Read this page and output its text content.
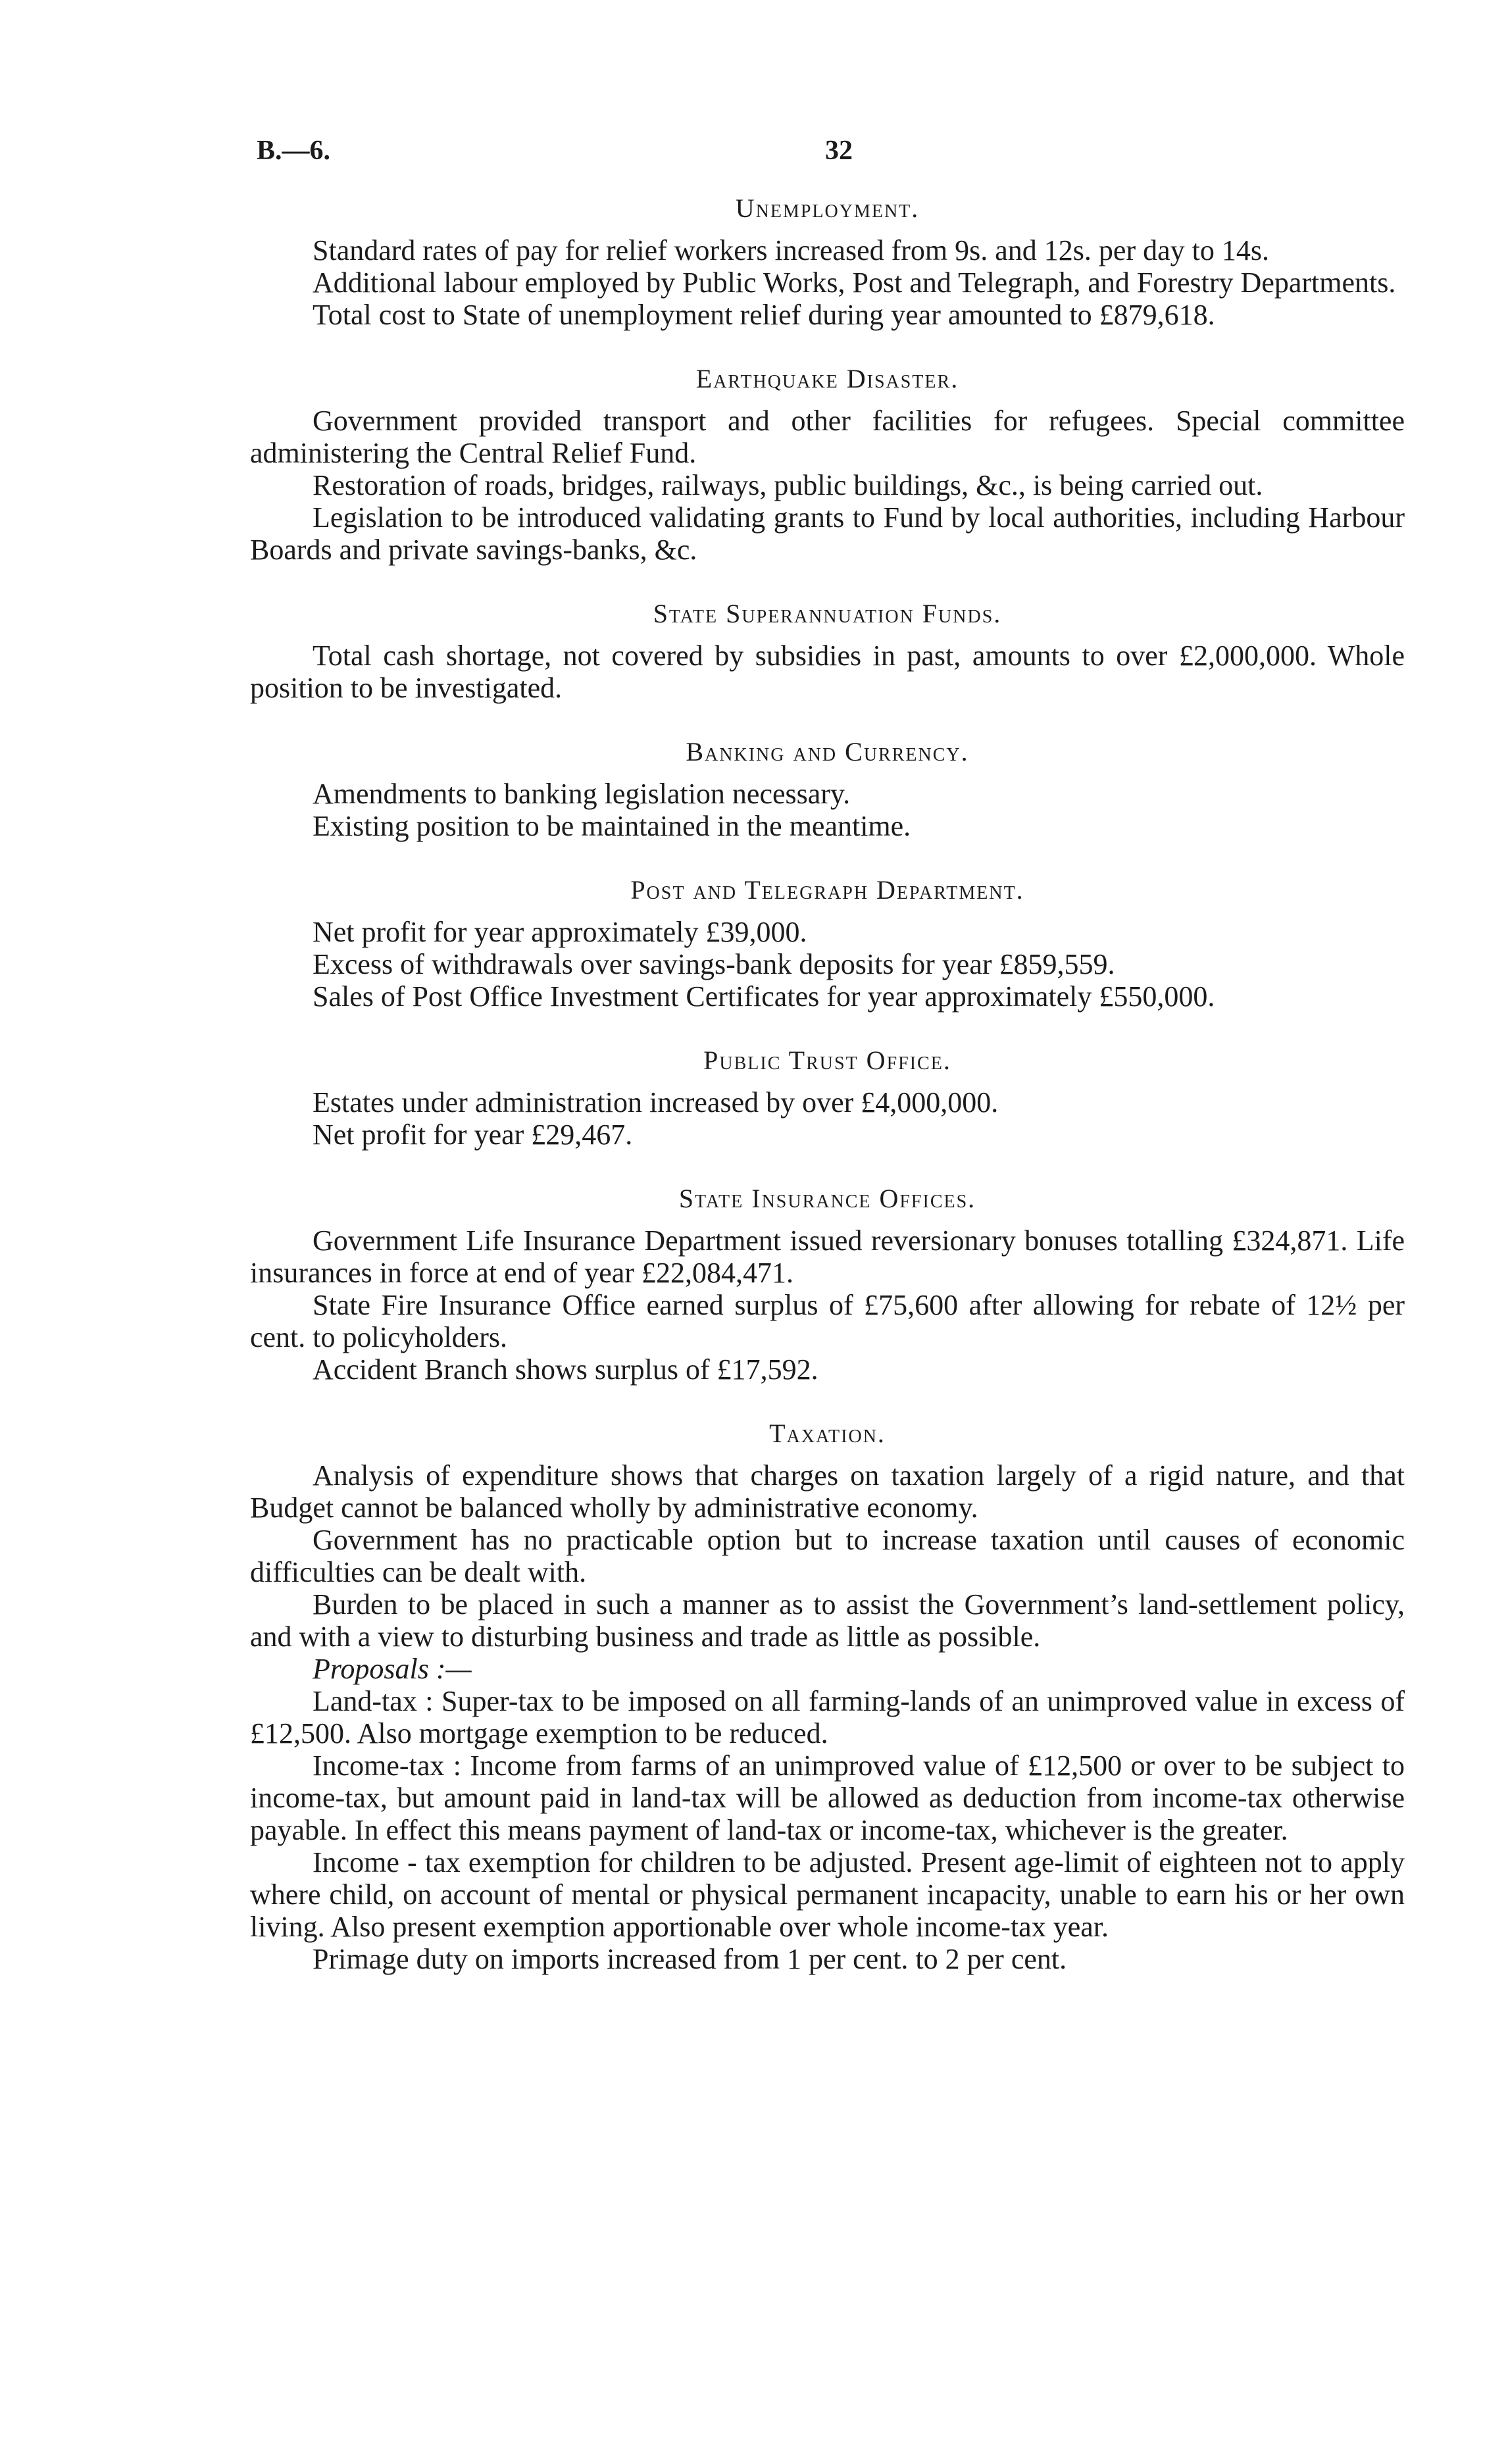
B.—6.	32
Unemployment.

Standard rates of pay for relief workers increased from 9s. and 12s. per day to 14s.

Additional labour employed by Public Works, Post and Telegraph, and Forestry Departments.

Total cost to State of unemployment relief during year amounted to £879,618.

Earthquake Disaster.

Government provided transport and other facilities for refugees. Special committee administering the Central Relief Fund.

Restoration of roads, bridges, railways, public buildings, &c., is being carried out.

Legislation to be introduced validating grants to Fund by local authorities, including Harbour Boards and private savings-banks, &c.

State Superannuation Funds.

Total cash shortage, not covered by subsidies in past, amounts to over £2,000,000. Whole position to be investigated.

Banking and Currency.

Amendments to banking legislation necessary.

Existing position to be maintained in the meantime.

Post and Telegraph Department.

Net profit for year approximately £39,000.

Excess of withdrawals over savings-bank deposits for year £859,559.

Sales of Post Office Investment Certificates for year approximately £550,000.

Public Trust Office.

Estates under administration increased by over £4,000,000.

Net profit for year £29,467.

State Insurance Offices.

Government Life Insurance Department issued reversionary bonuses totalling £324,871. Life insurances in force at end of year £22,084,471.

State Fire Insurance Office earned surplus of £75,600 after allowing for rebate of 12½ per cent. to policyholders.

Accident Branch shows surplus of £17,592.

Taxation.

Analysis of expenditure shows that charges on taxation largely of a rigid nature, and that Budget cannot be balanced wholly by administrative economy.

Government has no practicable option but to increase taxation until causes of economic difficulties can be dealt with.

Burden to be placed in such a manner as to assist the Government’s land-settlement policy, and with a view to disturbing business and trade as little as possible.

Proposals :—

Land-tax : Super-tax to be imposed on all farming-lands of an unimproved value in excess of £12,500. Also mortgage exemption to be reduced.

Income-tax : Income from farms of an unimproved value of £12,500 or over to be subject to income-tax, but amount paid in land-tax will be allowed as deduction from income-tax otherwise payable. In effect this means payment of land-tax or income-tax, whichever is the greater.

Income - tax exemption for children to be adjusted. Present age-limit of eighteen not to apply where child, on account of mental or physical permanent incapacity, unable to earn his or her own living. Also present exemption apportionable over whole income-tax year.

Primage duty on imports increased from 1 per cent. to 2 per cent.
